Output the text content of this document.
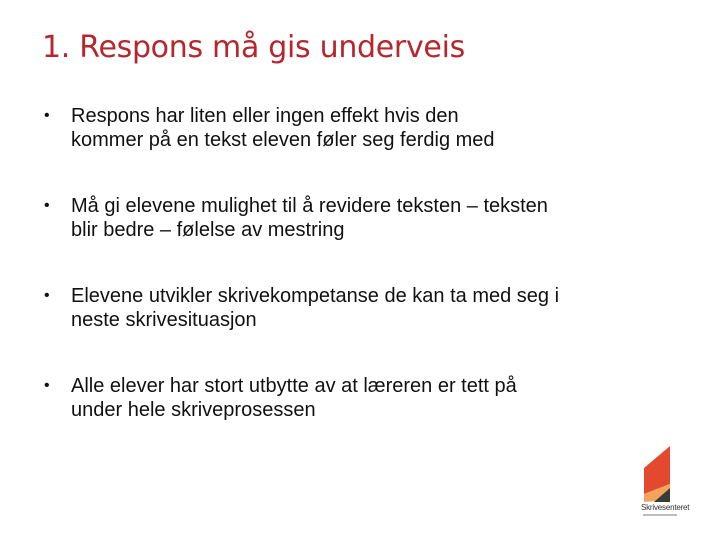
1. Respons må gis underveis
• Respons har liten eller ingen effekt hvis den
kommer på en tekst eleven føler seg ferdig med
• Må gi elevene mulighet til å revidere teksten – teksten
blir bedre – følelse av mestring
• Elevene utvikler skrivekompetanse de kan ta med seg i
neste skrivesituasjon
• Alle elever har stort utbytte av at læreren er tett på
under hele skriveprosessen
Skrivesenteret
